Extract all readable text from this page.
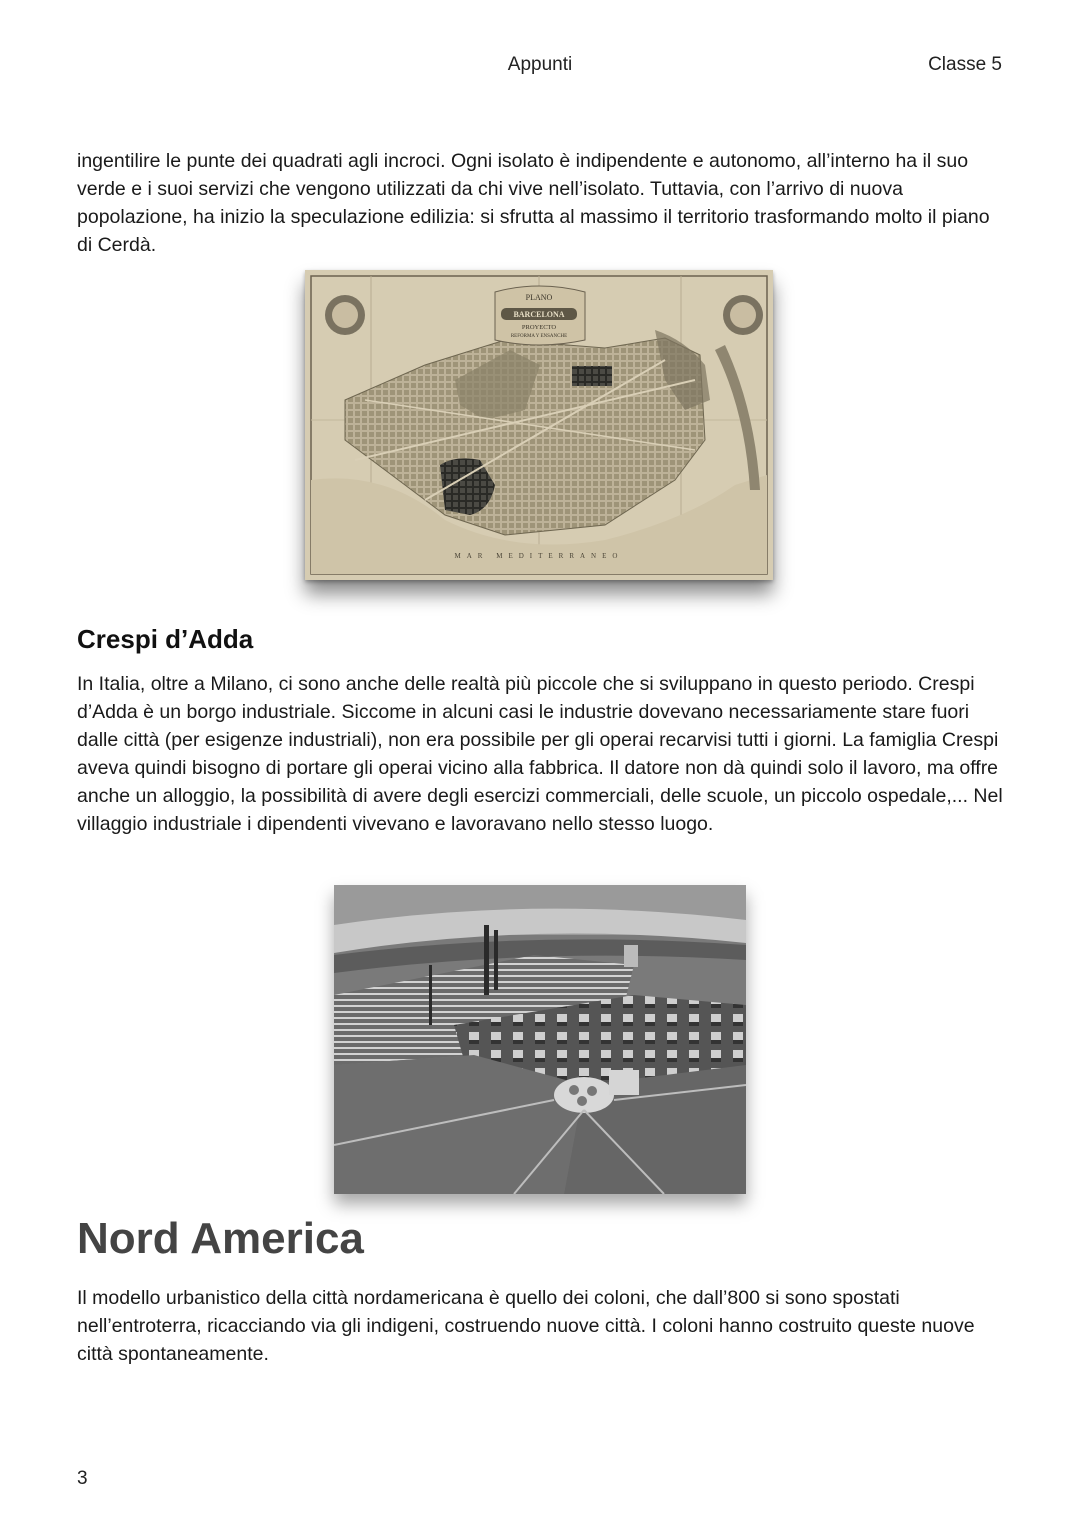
Appunti	Classe 5

ingentilire le punte dei quadrati agli incroci. Ogni isolato è indipendente e autonomo, all’interno ha il suo verde e i suoi servizi che vengono utilizzati da chi vive nell’isolato. Tuttavia, con l’arrivo di nuova popolazione, ha inizio la speculazione edilizia: si sfrutta al massimo il territorio trasformando molto il piano di Cerdà.

PLANO
BARCELONA
PROYECTO
REFORMA Y ENSANCHE
MAR MEDITERRANEO
Crespi d’Adda

In Italia, oltre a Milano, ci sono anche delle realtà più piccole che si sviluppano in questo periodo. Crespi d’Adda è un borgo industriale. Siccome in alcuni casi le industrie dovevano necessariamente stare fuori dalle città (per esigenze industriali), non era possibile per gli operai recarvisi tutti i giorni. La famiglia Crespi aveva quindi bisogno di portare gli operai vicino alla fabbrica. Il datore non dà quindi solo il lavoro, ma offre anche un alloggio, la possibilità di avere degli esercizi commerciali, delle scuole, un piccolo ospedale,... Nel villaggio industriale i dipendenti vivevano e lavoravano nello stesso luogo.

Nord America

Il modello urbanistico della città nordamericana è quello dei coloni, che dall’800 si sono spostati nell’entroterra, ricacciando via gli indigeni, costruendo nuove città. I coloni hanno costruito queste nuove città spontaneamente.

3
